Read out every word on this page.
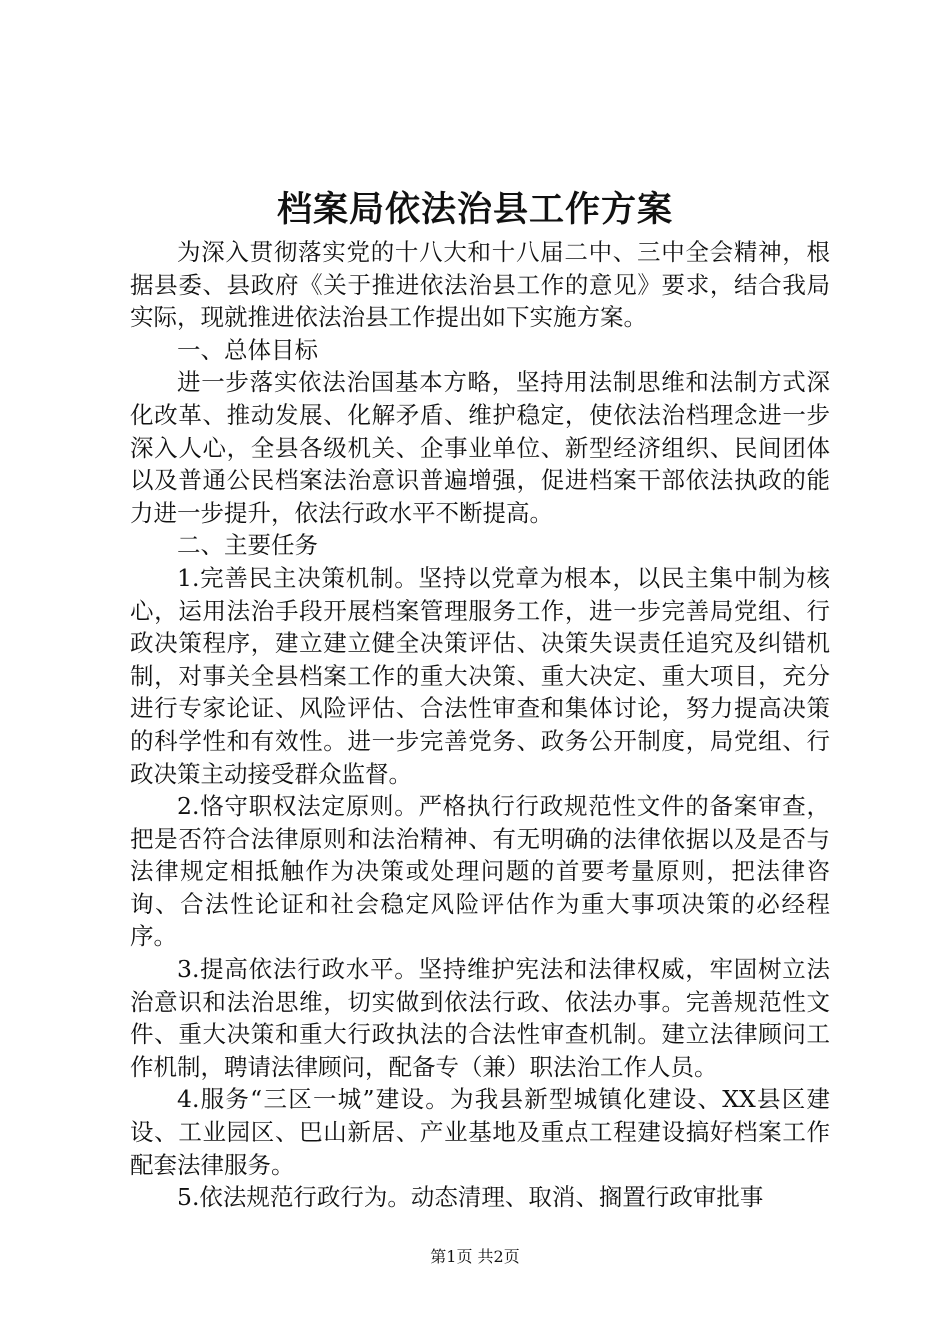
档案局依法治县工作方案

为深入贯彻落实党的十八大和十八届二中、三中全会精神，根据县委、县政府《关于推进依法治县工作的意见》要求，结合我局实际，现就推进依法治县工作提出如下实施方案。

一、总体目标

进一步落实依法治国基本方略，坚持用法制思维和法制方式深化改革、推动发展、化解矛盾、维护稳定，使依法治档理念进一步深入人心，全县各级机关、企事业单位、新型经济组织、民间团体以及普通公民档案法治意识普遍增强，促进档案干部依法执政的能力进一步提升，依法行政水平不断提高。

二、主要任务

1.完善民主决策机制。坚持以党章为根本，以民主集中制为核心，运用法治手段开展档案管理服务工作，进一步完善局党组、行政决策程序，建立建立健全决策评估、决策失误责任追究及纠错机制，对事关全县档案工作的重大决策、重大决定、重大项目，充分进行专家论证、风险评估、合法性审查和集体讨论，努力提高决策的科学性和有效性。进一步完善党务、政务公开制度，局党组、行政决策主动接受群众监督。

2.恪守职权法定原则。严格执行行政规范性文件的备案审查，把是否符合法律原则和法治精神、有无明确的法律依据以及是否与法律规定相抵触作为决策或处理问题的首要考量原则，把法律咨询、合法性论证和社会稳定风险评估作为重大事项决策的必经程序。

3.提高依法行政水平。坚持维护宪法和法律权威，牢固树立法治意识和法治思维，切实做到依法行政、依法办事。完善规范性文件、重大决策和重大行政执法的合法性审查机制。建立法律顾问工作机制，聘请法律顾问，配备专（兼）职法治工作人员。

4.服务“三区一城”建设。为我县新型城镇化建设、XX县区建设、工业园区、巴山新居、产业基地及重点工程建设搞好档案工作配套法律服务。

5.依法规范行政行为。动态清理、取消、搁置行政审批事

第1页 共2页
